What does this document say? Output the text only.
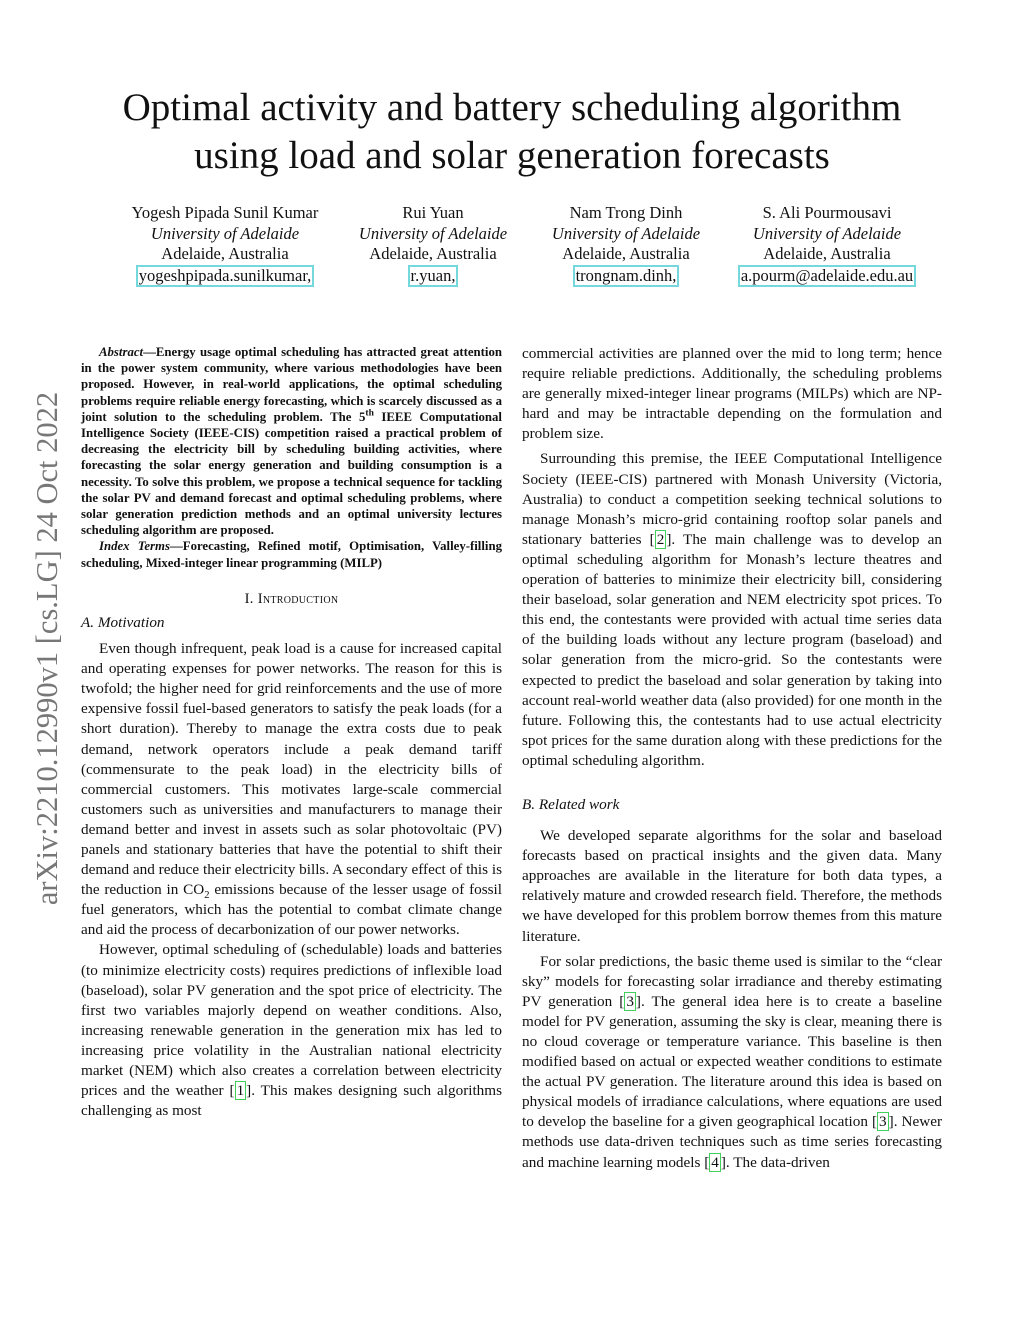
Optimal activity and battery scheduling algorithm
using load and solar generation forecasts
Yogesh Pipada Sunil Kumar
University of Adelaide
Adelaide, Australia
yogeshpipada.sunilkumar,
Rui Yuan
University of Adelaide
Adelaide, Australia
r.yuan,
Nam Trong Dinh
University of Adelaide
Adelaide, Australia
trongnam.dinh,
S. Ali Pourmousavi
University of Adelaide
Adelaide, Australia
a.pourm@adelaide.edu.au
arXiv:2210.12990v1 [cs.LG] 24 Oct 2022

Abstract—Energy usage optimal scheduling has attracted great attention in the power system community, where various methodologies have been proposed. However, in real-world applications, the optimal scheduling problems require reliable energy forecasting, which is scarcely discussed as a joint solution to the scheduling problem. The 5th IEEE Computational Intelligence Society (IEEE-CIS) competition raised a practical problem of decreasing the electricity bill by scheduling building activities, where forecasting the solar energy generation and building consumption is a necessity. To solve this problem, we propose a technical sequence for tackling the solar PV and demand forecast and optimal scheduling problems, where solar generation prediction methods and an optimal university lectures scheduling algorithm are proposed.

Index Terms—Forecasting, Refined motif, Optimisation, Valley-filling scheduling, Mixed-integer linear programming (MILP)

I. Introduction
A. Motivation

Even though infrequent, peak load is a cause for increased capital and operating expenses for power networks. The reason for this is twofold; the higher need for grid reinforcements and the use of more expensive fossil fuel-based generators to satisfy the peak loads (for a short duration). Thereby to manage the extra costs due to peak demand, network operators include a peak demand tariff (commensurate to the peak load) in the electricity bills of commercial customers. This motivates large-scale commercial customers such as universities and manufacturers to manage their demand better and invest in assets such as solar photovoltaic (PV) panels and stationary batteries that have the potential to shift their demand and reduce their electricity bills. A secondary effect of this is the reduction in $CO_2$ emissions because of the lesser usage of fossil fuel generators, which has the potential to combat climate change and aid the process of decarbonization of our power networks.

However, optimal scheduling of (schedulable) loads and batteries (to minimize electricity costs) requires predictions of inflexible load (baseload), solar PV generation and the spot price of electricity. The first two variables majorly depend on weather conditions. Also, increasing renewable generation in the generation mix has led to increasing price volatility in the Australian national electricity market (NEM) which also creates a correlation between electricity prices and the weather [ 1 ]. This makes designing such algorithms challenging as most

commercial activities are planned over the mid to long term; hence require reliable predictions. Additionally, the scheduling problems are generally mixed-integer linear programs (MILPs) which are NP-hard and may be intractable depending on the formulation and problem size.

Surrounding this premise, the IEEE Computational Intelligence Society (IEEE-CIS) partnered with Monash University (Victoria, Australia) to conduct a competition seeking technical solutions to manage Monash’s micro-grid containing rooftop solar panels and stationary batteries [ 2 ]. The main challenge was to develop an optimal scheduling algorithm for Monash’s lecture theatres and operation of batteries to minimize their electricity bill, considering their baseload, solar generation and NEM electricity spot prices. To this end, the contestants were provided with actual time series data of the building loads without any lecture program (baseload) and solar generation from the micro-grid. So the contestants were expected to predict the baseload and solar generation by taking into account real-world weather data (also provided) for one month in the future. Following this, the contestants had to use actual electricity spot prices for the same duration along with these predictions for the optimal scheduling algorithm.

B. Related work

We developed separate algorithms for the solar and baseload forecasts based on practical insights and the given data. Many approaches are available in the literature for both data types, a relatively mature and crowded research field. Therefore, the methods we have developed for this problem borrow themes from this mature literature.

For solar predictions, the basic theme used is similar to the “clear sky” models for forecasting solar irradiance and thereby estimating PV generation [ 3 ]. The general idea here is to create a baseline model for PV generation, assuming the sky is clear, meaning there is no cloud coverage or temperature variance. This baseline is then modified based on actual or expected weather conditions to estimate the actual PV generation. The literature around this idea is based on physical models of irradiance calculations, where equations are used to develop the baseline for a given geographical location [ 3 ]. Newer methods use data-driven techniques such as time series forecasting and machine learning models [ 4 ]. The data-driven
